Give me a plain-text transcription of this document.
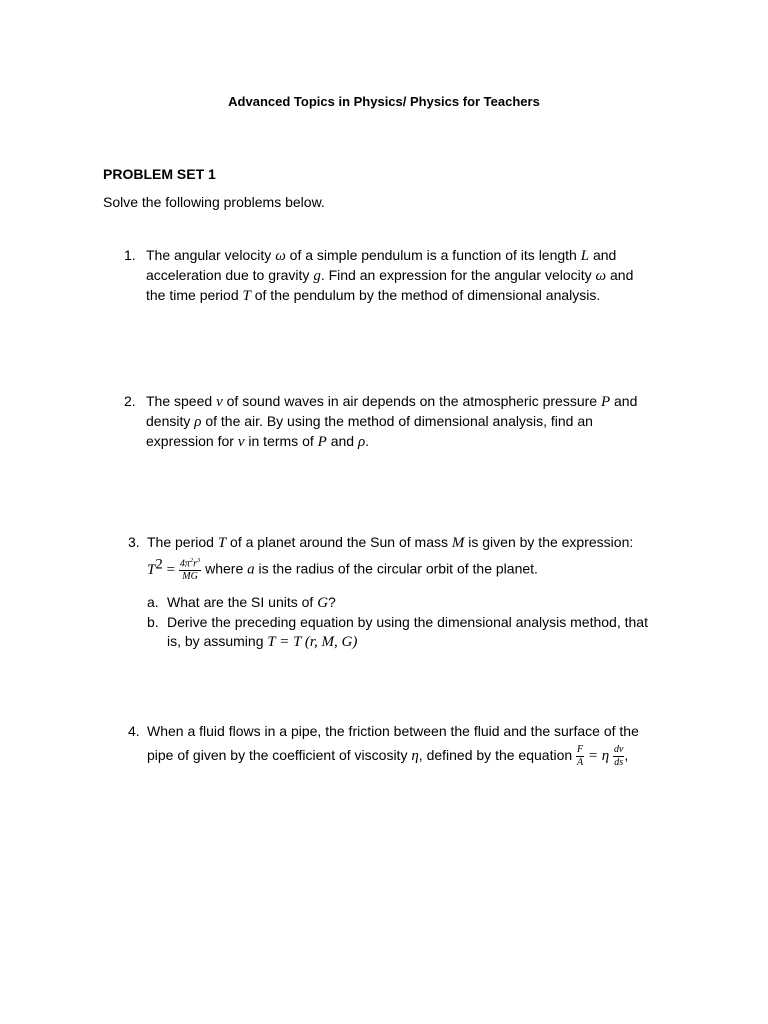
Advanced Topics in Physics/ Physics for Teachers
PROBLEM SET 1
Solve the following problems below.
1. The angular velocity ω of a simple pendulum is a function of its length L and
acceleration due to gravity g. Find an expression for the angular velocity ω and
the time period T of the pendulum by the method of dimensional analysis.
2. The speed v of sound waves in air depends on the atmospheric pressure P and
density ρ of the air. By using the method of dimensional analysis, find an
expression for v in terms of P and ρ.
3. The period T of a planet around the Sun of mass M is given by the expression:
$T^2 = \frac{4\pi^2r^3}{MG}$ where a is the radius of the circular orbit of the planet.
a. What are the SI units of G?
b. Derive the preceding equation by using the dimensional analysis method, that
is, by assuming T = T (r, M, G)
4. When a fluid flows in a pipe, the friction between the fluid and the surface of the
pipe of given by the coefficient of viscosity η, defined by the equation $\frac{F}{A} = \eta \frac{dv}{ds}$ ,
